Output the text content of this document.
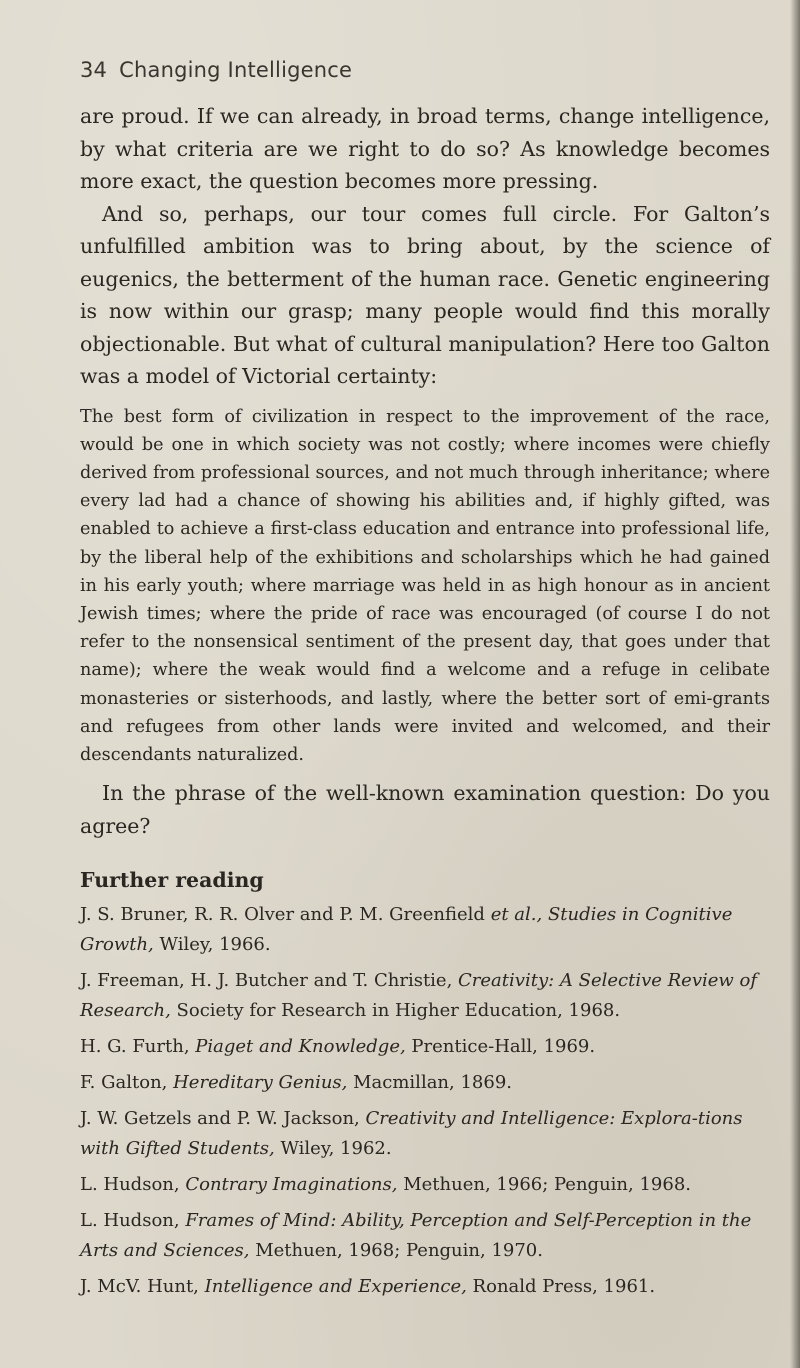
34 Changing Intelligence

are proud. If we can already, in broad terms, change intelligence, by what criteria are we right to do so? As knowledge becomes more exact, the question becomes more pressing.

And so, perhaps, our tour comes full circle. For Galton’s unfulfilled ambition was to bring about, by the science of eugenics, the betterment of the human race. Genetic engineering is now within our grasp; many people would find this morally objectionable. But what of cultural manipulation? Here too Galton was a model of Victorial certainty:

The best form of civilization in respect to the improvement of the race, would be one in which society was not costly; where incomes were chiefly derived from professional sources, and not much through inheritance; where every lad had a chance of showing his abilities and, if highly gifted, was enabled to achieve a first-class education and entrance into professional life, by the liberal help of the exhibitions and scholarships which he had gained in his early youth; where marriage was held in as high honour as in ancient Jewish times; where the pride of race was encouraged (of course I do not refer to the nonsensical sentiment of the present day, that goes under that name); where the weak would find a welcome and a refuge in celibate monasteries or sisterhoods, and lastly, where the better sort of emi-grants and refugees from other lands were invited and welcomed, and their descendants naturalized.

In the phrase of the well-known examination question: Do you agree?

Further reading
J. S. Bruner, R. R. Olver and P. M. Greenfield et al., Studies in Cognitive Growth, Wiley, 1966.
J. Freeman, H. J. Butcher and T. Christie, Creativity: A Selective Review of Research, Society for Research in Higher Education, 1968.
H. G. Furth, Piaget and Knowledge, Prentice-Hall, 1969.
F. Galton, Hereditary Genius, Macmillan, 1869.
J. W. Getzels and P. W. Jackson, Creativity and Intelligence: Explora-tions with Gifted Students, Wiley, 1962.
L. Hudson, Contrary Imaginations, Methuen, 1966; Penguin, 1968.
L. Hudson, Frames of Mind: Ability, Perception and Self-Perception in the Arts and Sciences, Methuen, 1968; Penguin, 1970.
J. McV. Hunt, Intelligence and Experience, Ronald Press, 1961.
